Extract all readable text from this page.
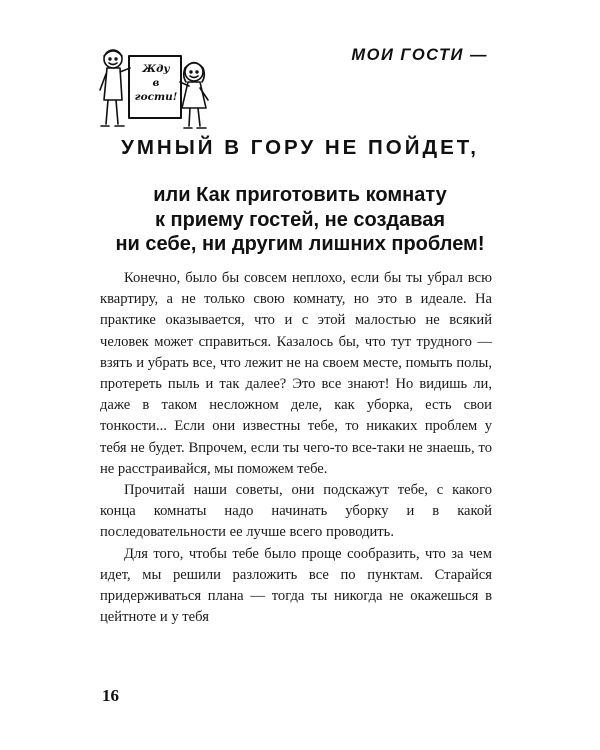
Жду
в
гости!
МОИ ГОСТИ —
УМНЫЙ В ГОРУ НЕ ПОЙДЕТ,
или Как приготовить комнату
к приему гостей, не создавая
ни себе, ни другим лишних проблем!

Конечно, было бы совсем неплохо, если бы ты убрал всю квартиру, а не только свою комнату, но это в идеале. На практике оказывается, что и с этой малостью не всякий человек может справиться. Казалось бы, что тут трудного — взять и убрать все, что лежит не на своем месте, помыть полы, протереть пыль и так далее? Это все знают! Но видишь ли, даже в таком несложном деле, как уборка, есть свои тонкости... Если они известны тебе, то никаких проблем у тебя не будет. Впрочем, если ты чего-то все-таки не знаешь, то не расстраивайся, мы поможем тебе.

Прочитай наши советы, они подскажут тебе, с какого конца комнаты надо начинать уборку и в какой последовательности ее лучше всего проводить.

Для того, чтобы тебе было проще сообразить, что за чем идет, мы решили разложить все по пунктам. Старайся придерживаться плана — тогда ты никогда не окажешься в цейтноте и у тебя

16
